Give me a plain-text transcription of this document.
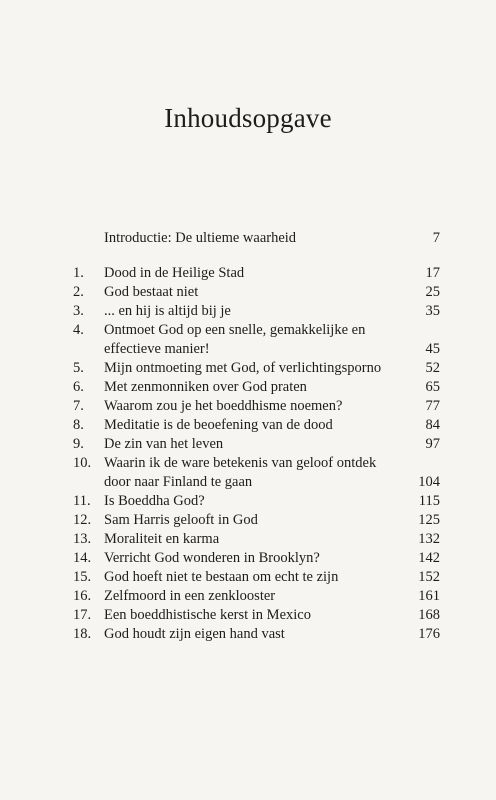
Inhoudsopgave
Introductie: De ultieme waarheid	7
1.	Dood in de Heilige Stad	17
2.	God bestaat niet	25
3.	... en hij is altijd bij je	35
4.	Ontmoet God op een snelle, gemakkelijke en
effectieve manier!	45
5.	Mijn ontmoeting met God, of verlichtingsporno	52
6.	Met zenmonniken over God praten	65
7.	Waarom zou je het boeddhisme noemen?	77
8.	Meditatie is de beoefening van de dood	84
9.	De zin van het leven	97
10. Waarin ik de ware betekenis van geloof ontdek
door naar Finland te gaan	104
11. Is Boeddha God?	115
12. Sam Harris gelooft in God	125
13. Moraliteit en karma	132
14. Verricht God wonderen in Brooklyn?	142
15. God hoeft niet te bestaan om echt te zijn	152
16. Zelfmoord in een zenklooster	161
17. Een boeddhistische kerst in Mexico	168
18. God houdt zijn eigen hand vast	176
